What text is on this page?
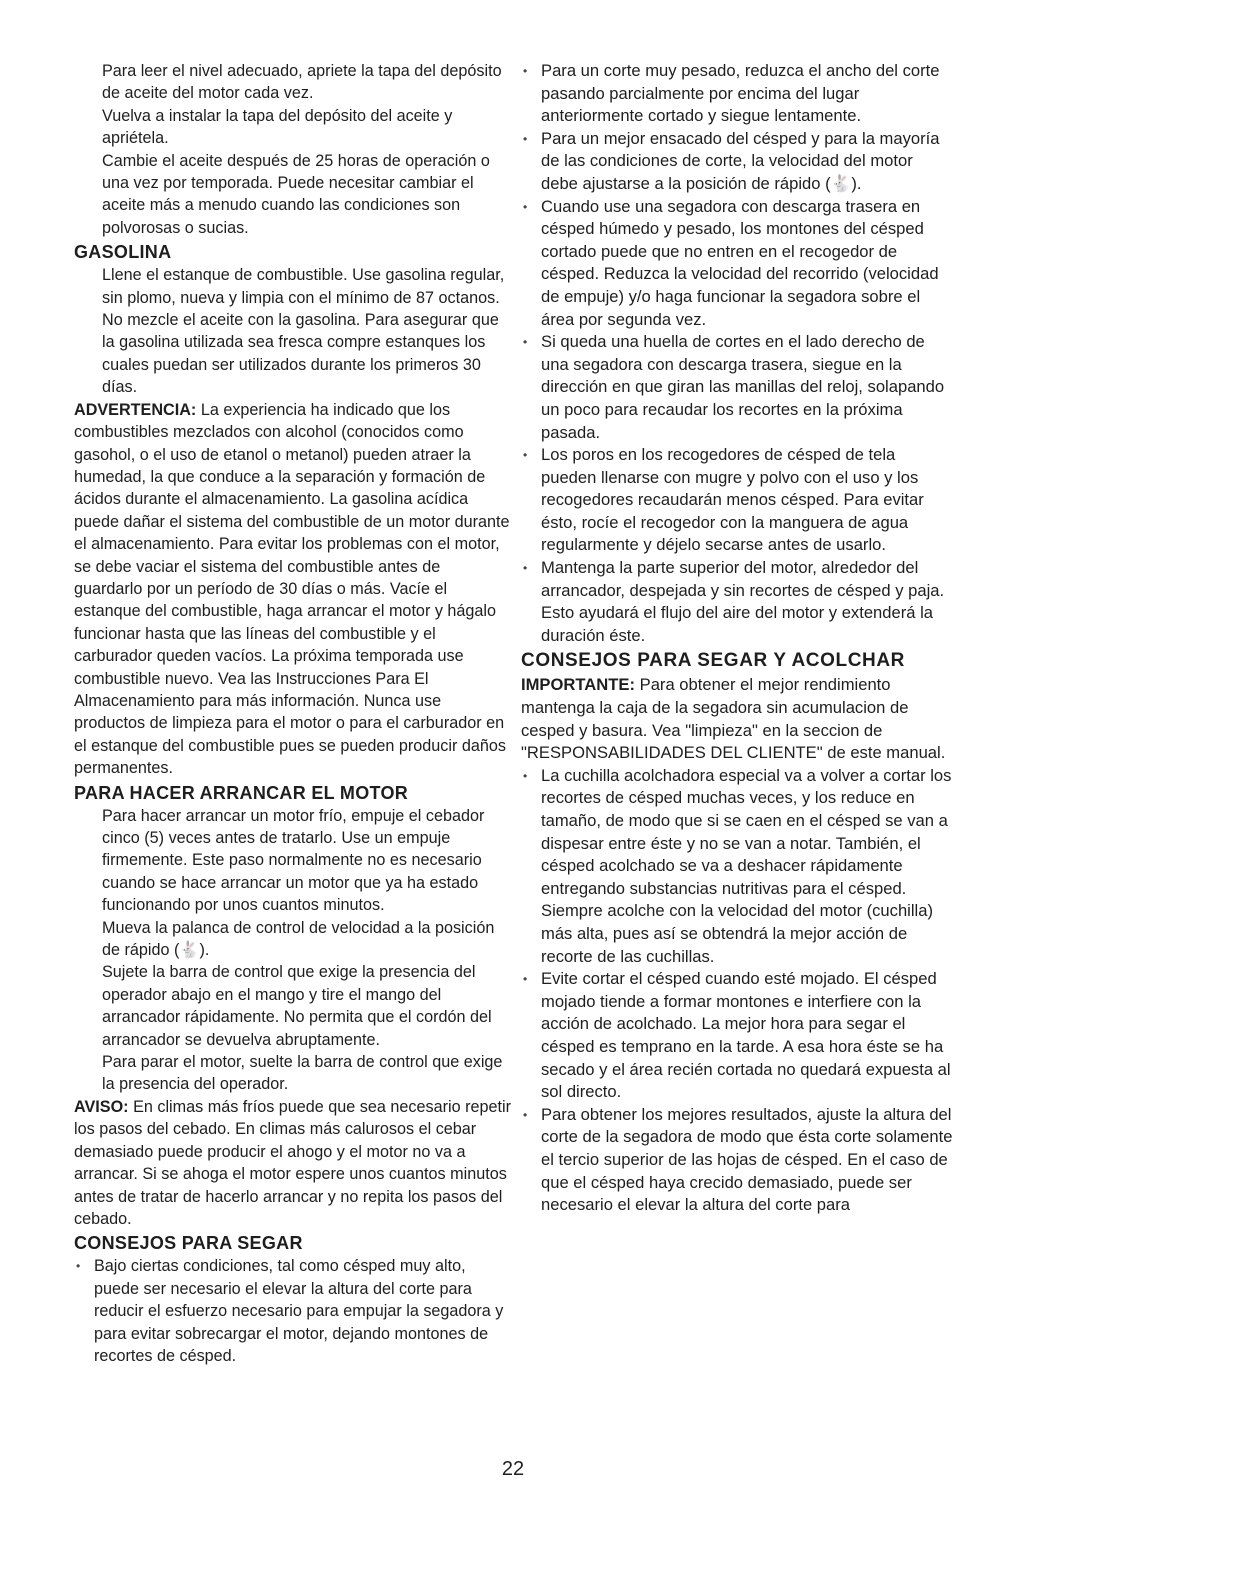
Para leer el nivel adecuado, apriete la tapa del depósito de aceite del motor cada vez.

Vuelva a instalar la tapa del depósito del aceite y apriétela.

Cambie el aceite después de 25 horas de operación o una vez por temporada. Puede necesitar cambiar el aceite más a menudo cuando las condiciones son polvorosas o sucias.

GASOLINA

Llene el estanque de combustible. Use gasolina regular, sin plomo, nueva y limpia con el mínimo de 87 octanos. No mezcle el aceite con la gasolina. Para asegurar que la gasolina utilizada sea fresca compre estanques los cuales puedan ser utilizados durante los primeros 30 días.

ADVERTENCIA: La experiencia ha indicado que los combustibles mezclados con alcohol (conocidos como gasohol, o el uso de etanol o metanol) pueden atraer la humedad, la que conduce a la separación y formación de ácidos durante el almacenamiento. La gasolina acídica puede dañar el sistema del combustible de un motor durante el almacenamiento. Para evitar los problemas con el motor, se debe vaciar el sistema del combustible antes de guardarlo por un período de 30 días o más. Vacíe el estanque del combustible, haga arrancar el motor y hágalo funcionar hasta que las líneas del combustible y el carburador queden vacíos. La próxima temporada use combustible nuevo. Vea las Instrucciones Para El Almacenamiento para más información. Nunca use productos de limpieza para el motor o para el carburador en el estanque del combustible pues se pueden producir daños permanentes.

PARA HACER ARRANCAR EL MOTOR

Para hacer arrancar un motor frío, empuje el cebador cinco (5) veces antes de tratarlo. Use un empuje firmemente. Este paso normalmente no es necesario cuando se hace arrancar un motor que ya ha estado funcionando por unos cuantos minutos.

Mueva la palanca de control de velocidad a la posición de rápido (🐇).

Sujete la barra de control que exige la presencia del operador abajo en el mango y tire el mango del arrancador rápidamente. No permita que el cordón del arrancador se devuelva abruptamente.

Para parar el motor, suelte la barra de control que exige la presencia del operador.

AVISO: En climas más fríos puede que sea necesario repetir los pasos del cebado. En climas más calurosos el cebar demasiado puede producir el ahogo y el motor no va a arrancar. Si se ahoga el motor espere unos cuantos minutos antes de tratar de hacerlo arrancar y no repita los pasos del cebado.

CONSEJOS PARA SEGAR
• Bajo ciertas condiciones, tal como césped muy alto, puede ser necesario el elevar la altura del corte para reducir el esfuerzo necesario para empujar la segadora y para evitar sobrecargar el motor, dejando montones de recortes de césped.
• Para un corte muy pesado, reduzca el ancho del corte pasando parcialmente por encima del lugar anteriormente cortado y siegue lentamente.
• Para un mejor ensacado del césped y para la mayoría de las condiciones de corte, la velocidad del motor debe ajustarse a la posición de rápido (🐇).
• Cuando use una segadora con descarga trasera en césped húmedo y pesado, los montones del césped cortado puede que no entren en el recogedor de césped. Reduzca la velocidad del recorrido (velocidad de empuje) y/o haga funcionar la segadora sobre el área por segunda vez.
• Si queda una huella de cortes en el lado derecho de una segadora con descarga trasera, siegue en la dirección en que giran las manillas del reloj, solapando un poco para recaudar los recortes en la próxima pasada.
• Los poros en los recogedores de césped de tela pueden llenarse con mugre y polvo con el uso y los recogedores recaudarán menos césped. Para evitar ésto, rocíe el recogedor con la manguera de agua regularmente y déjelo secarse antes de usarlo.
• Mantenga la parte superior del motor, alrededor del arrancador, despejada y sin recortes de césped y paja. Esto ayudará el flujo del aire del motor y extenderá la duración éste.
CONSEJOS PARA SEGAR Y ACOLCHAR

IMPORTANTE: Para obtener el mejor rendimiento mantenga la caja de la segadora sin acumulacion de cesped y basura. Vea "limpieza" en la seccion de "RESPONSABILIDADES DEL CLIENTE" de este manual.

• La cuchilla acolchadora especial va a volver a cortar los recortes de césped muchas veces, y los reduce en tamaño, de modo que si se caen en el césped se van a dispesar entre éste y no se van a notar. También, el césped acolchado se va a deshacer rápidamente entregando substancias nutritivas para el césped. Siempre acolche con la velocidad del motor (cuchilla) más alta, pues así se obtendrá la mejor acción de recorte de las cuchillas.
• Evite cortar el césped cuando esté mojado. El césped mojado tiende a formar montones e interfiere con la acción de acolchado. La mejor hora para segar el césped es temprano en la tarde. A esa hora éste se ha secado y el área recién cortada no quedará expuesta al sol directo.
• Para obtener los mejores resultados, ajuste la altura del corte de la segadora de modo que ésta corte solamente el tercio superior de las hojas de césped. En el caso de que el césped haya crecido demasiado, puede ser necesario el elevar la altura del corte para
22
